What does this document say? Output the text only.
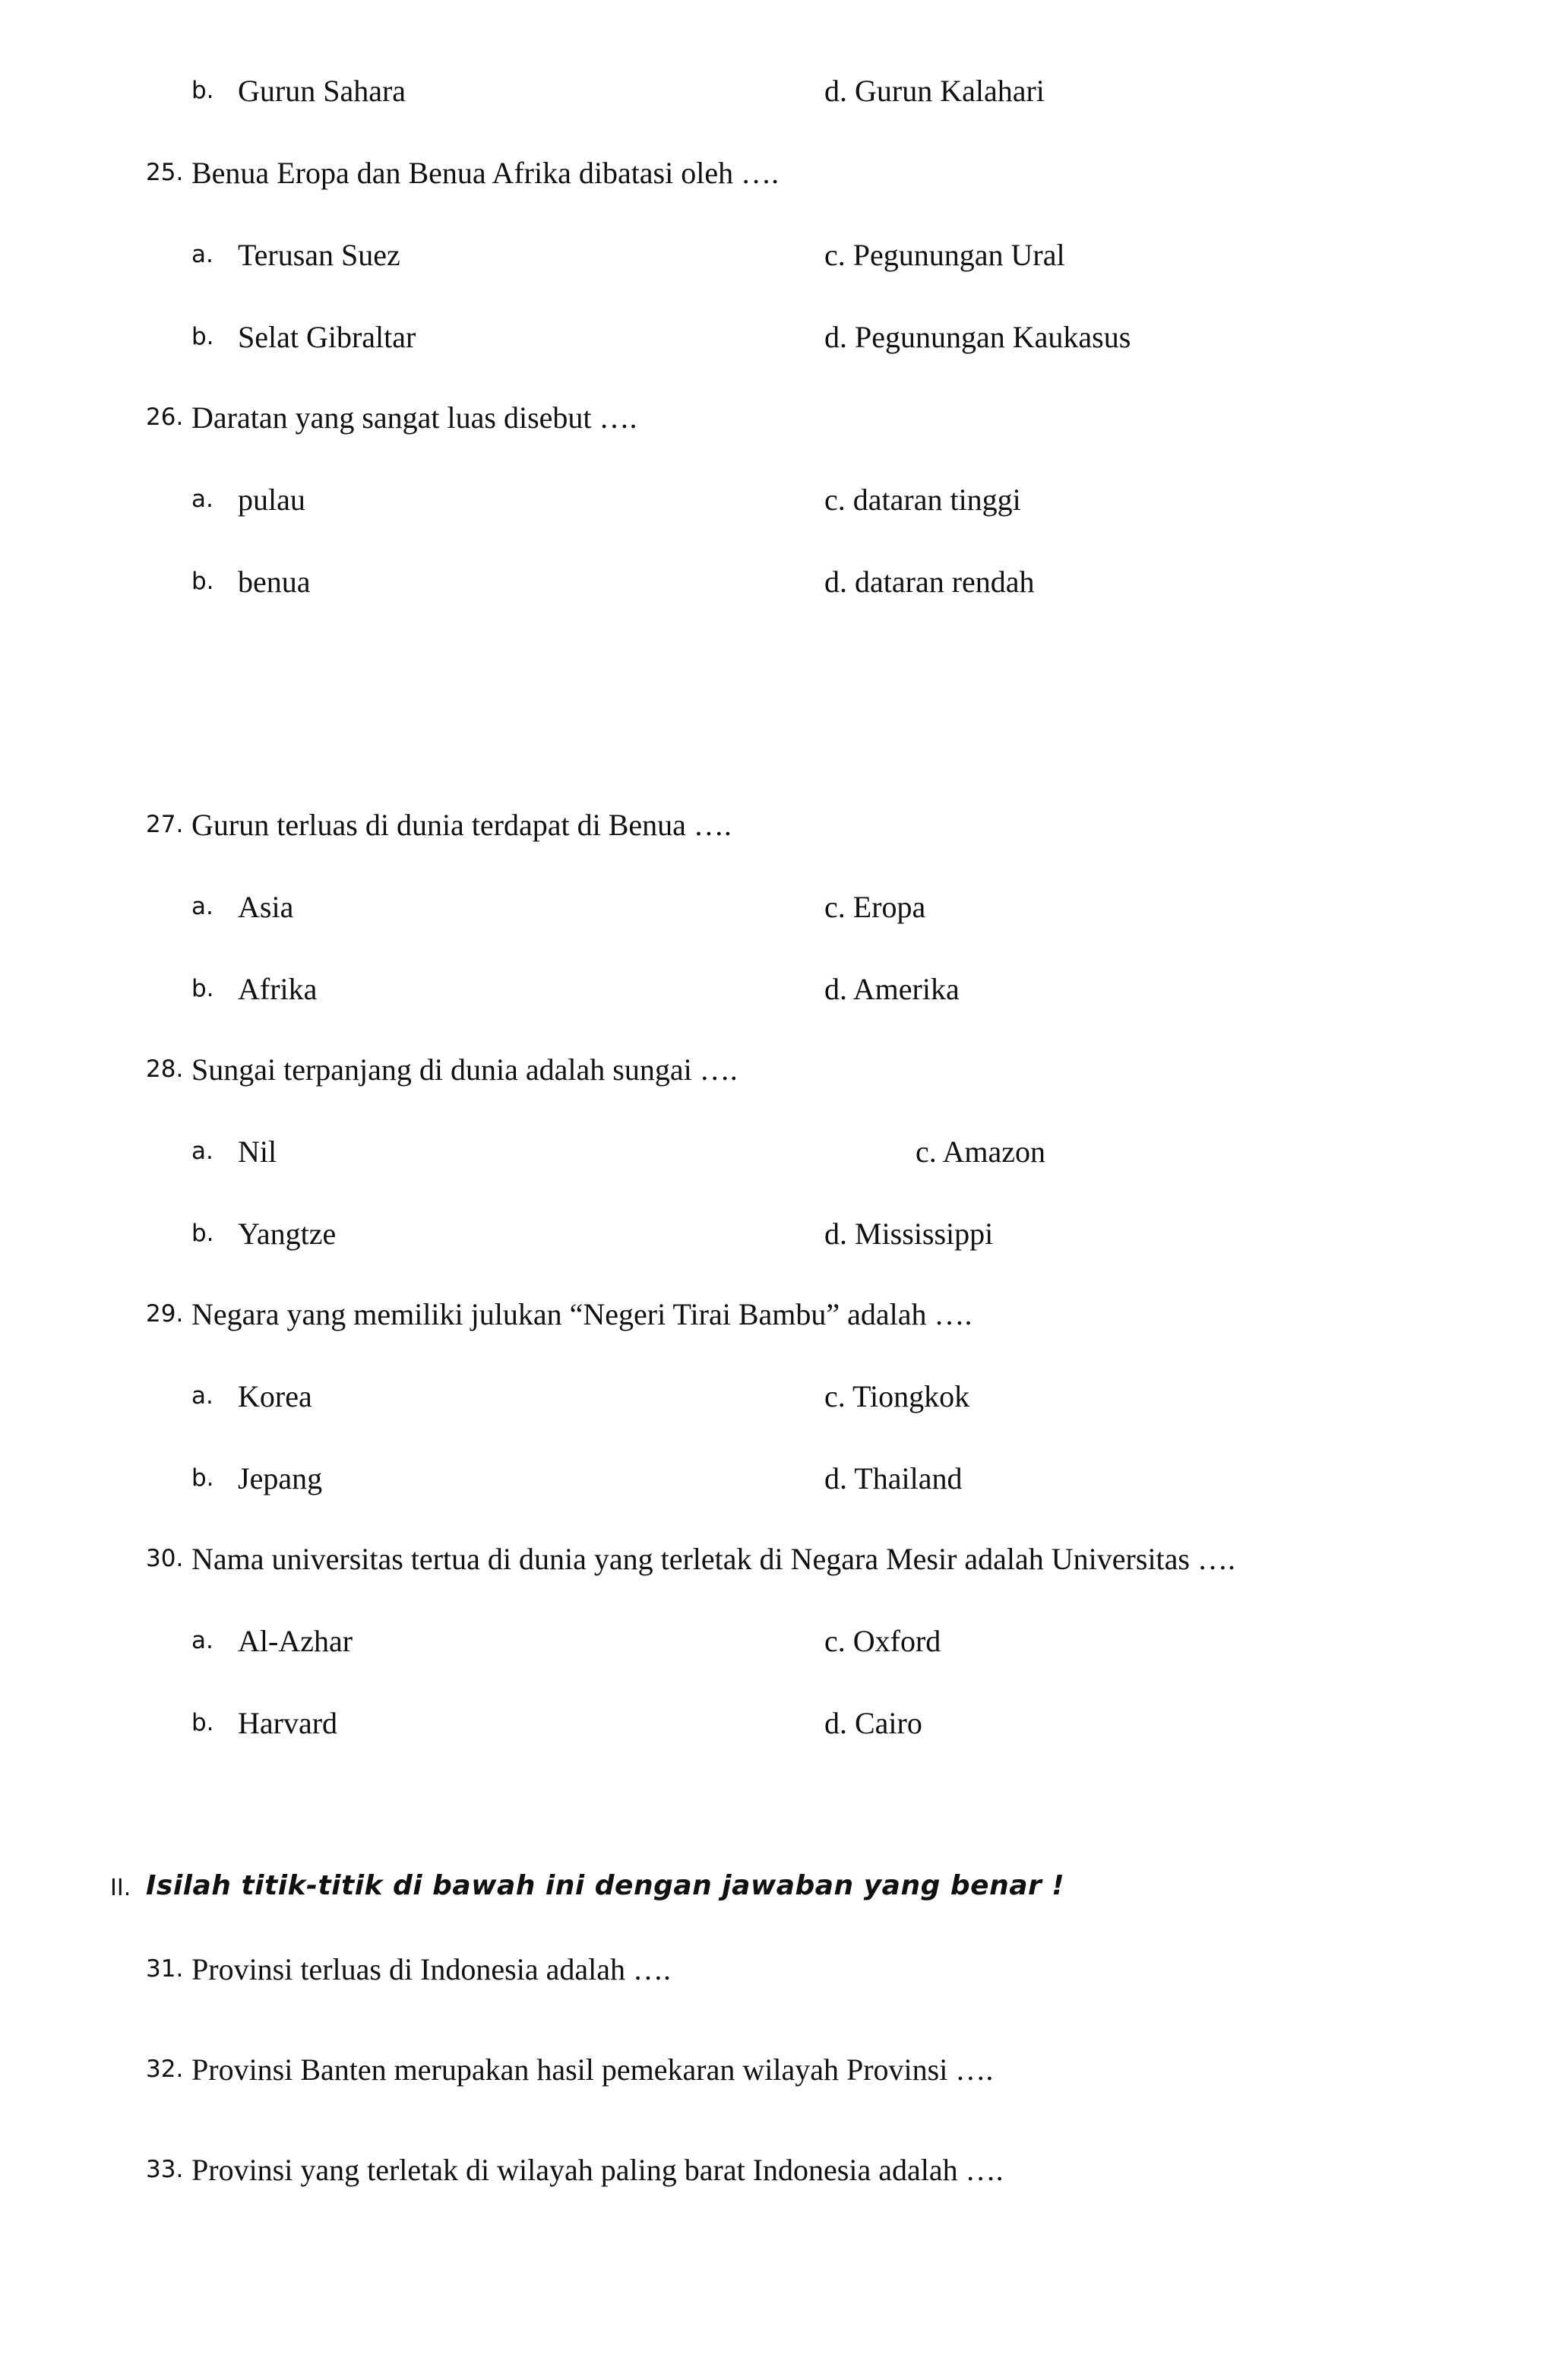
b. Gurun Sahara	d. Gurun Kalahari
25. Benua Eropa dan Benua Afrika dibatasi oleh ….
a. Terusan Suez	c. Pegunungan Ural
b. Selat Gibraltar	d. Pegunungan Kaukasus
26. Daratan yang sangat luas disebut ….
a. pulau	c. dataran tinggi
b. benua	d. dataran rendah
27. Gurun terluas di dunia terdapat di Benua ….
a. Asia	c. Eropa
b. Afrika	d. Amerika
28. Sungai terpanjang di dunia adalah sungai ….
a. Nil	c. Amazon
b. Yangtze	d. Mississippi
29. Negara yang memiliki julukan “Negeri Tirai Bambu” adalah ….
a. Korea	c. Tiongkok
b. Jepang	d. Thailand
30. Nama universitas tertua di dunia yang terletak di Negara Mesir adalah Universitas ….
a. Al-Azhar	c. Oxford
b. Harvard	d. Cairo
II. Isilah titik-titik di bawah ini dengan jawaban yang benar !
31. Provinsi terluas di Indonesia adalah ….
32. Provinsi Banten merupakan hasil pemekaran wilayah Provinsi ….
33. Provinsi yang terletak di wilayah paling barat Indonesia adalah ….
